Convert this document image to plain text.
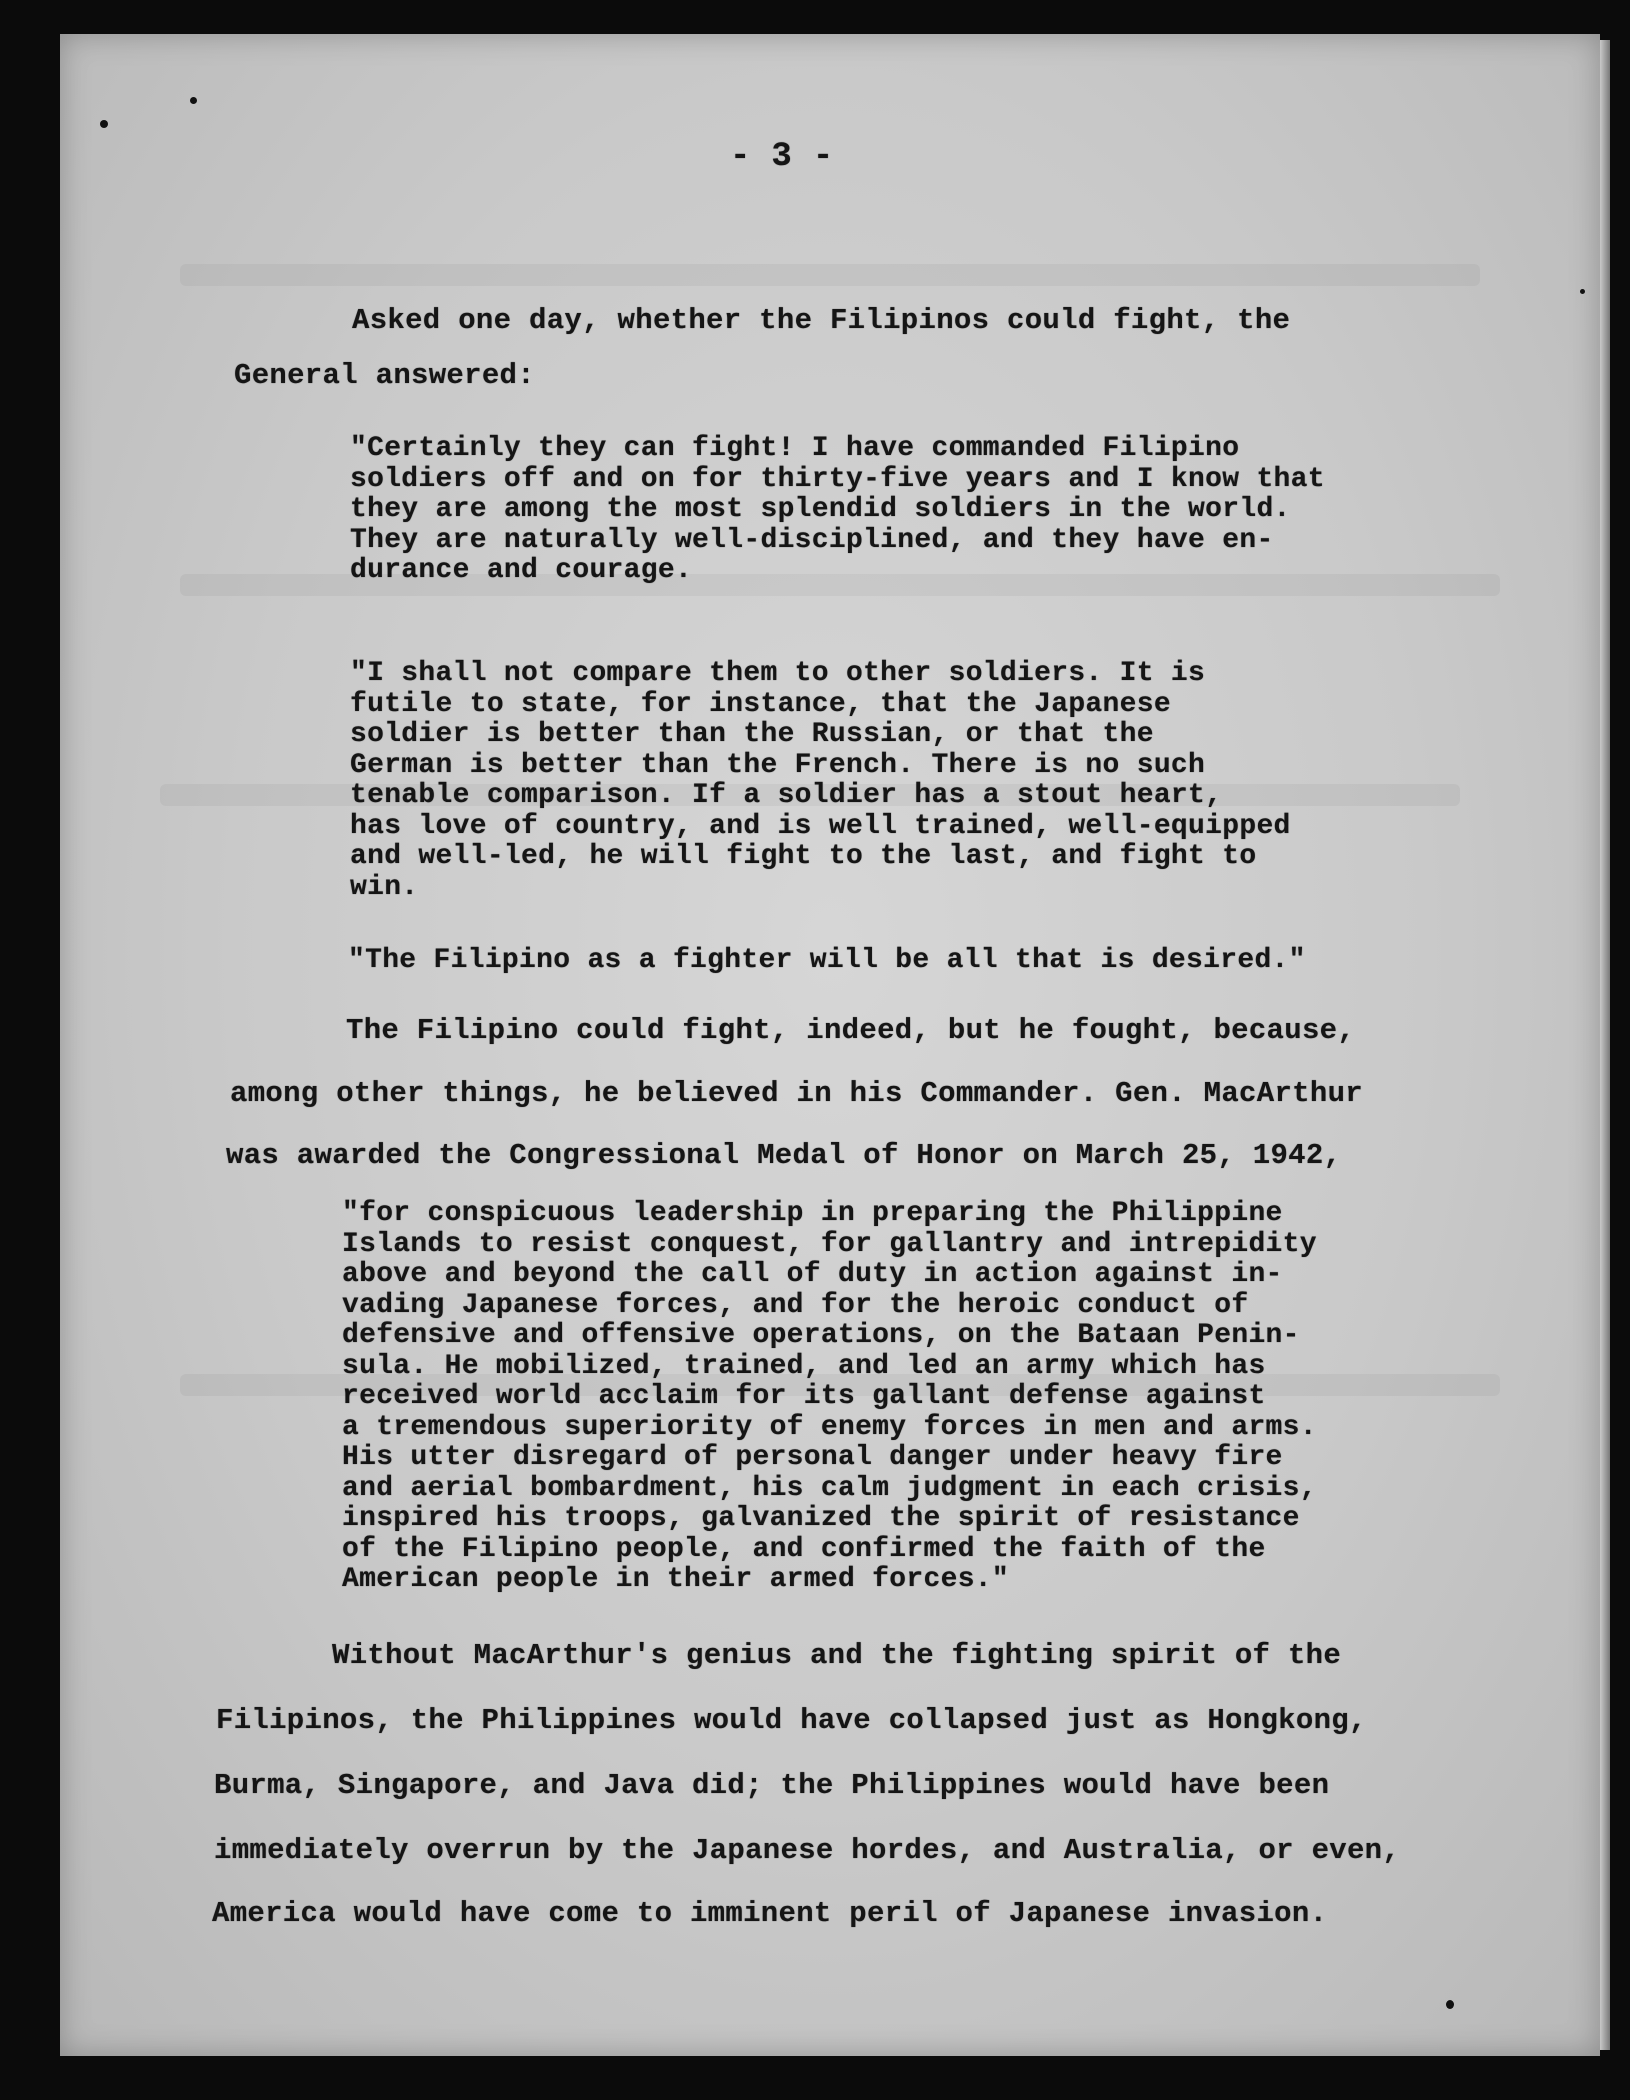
- 3 -
Asked one day, whether the Filipinos could fight, the
General answered:
"Certainly they can fight! I have commanded Filipino
soldiers off and on for thirty-five years and I know that
they are among the most splendid soldiers in the world.
They are naturally well-disciplined, and they have en-
durance and courage.
"I shall not compare them to other soldiers. It is
futile to state, for instance, that the Japanese
soldier is better than the Russian, or that the
German is better than the French. There is no such
tenable comparison. If a soldier has a stout heart,
has love of country, and is well trained, well-equipped
and well-led, he will fight to the last, and fight to
win.
"The Filipino as a fighter will be all that is desired."
The Filipino could fight, indeed, but he fought, because,
among other things, he believed in his Commander. Gen. MacArthur
was awarded the Congressional Medal of Honor on March 25, 1942,
"for conspicuous leadership in preparing the Philippine
Islands to resist conquest, for gallantry and intrepidity
above and beyond the call of duty in action against in-
vading Japanese forces, and for the heroic conduct of
defensive and offensive operations, on the Bataan Penin-
sula. He mobilized, trained, and led an army which has
received world acclaim for its gallant defense against
a tremendous superiority of enemy forces in men and arms.
His utter disregard of personal danger under heavy fire
and aerial bombardment, his calm judgment in each crisis,
inspired his troops, galvanized the spirit of resistance
of the Filipino people, and confirmed the faith of the
American people in their armed forces."
Without MacArthur's genius and the fighting spirit of the
Filipinos, the Philippines would have collapsed just as Hongkong,
Burma, Singapore, and Java did; the Philippines would have been
immediately overrun by the Japanese hordes, and Australia, or even,
America would have come to imminent peril of Japanese invasion.
